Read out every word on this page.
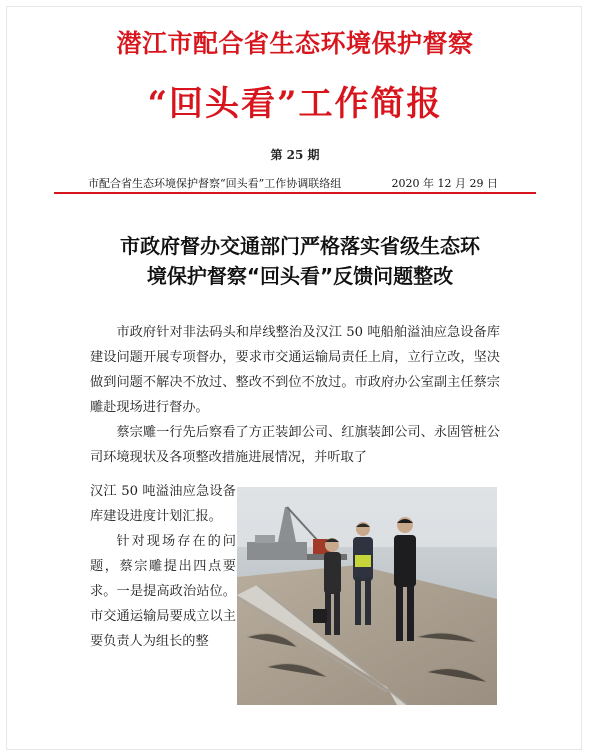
潜江市配合省生态环境保护督察
“回头看”工作简报
第 25 期
市配合省生态环境保护督察“回头看”工作协调联络组	2020 年 12 月 29 日
市政府督办交通部门严格落实省级生态环
境保护督察“回头看”反馈问题整改

市政府针对非法码头和岸线整治及汉江 50 吨船舶溢油应急设备库建设问题开展专项督办，要求市交通运输局责任上肩，立行立改，坚决做到问题不解决不放过、整改不到位不放过。市政府办公室副主任蔡宗雕赴现场进行督办。

蔡宗雕一行先后察看了方正装卸公司、红旗装卸公司、永固管桩公司环境现状及各项整改措施进展情况，并听取了

汉江 50 吨溢油应急设备库建设进度计划汇报。

针对现场存在的问题，蔡宗雕提出四点要求。一是提高政治站位。市交通运输局要成立以主要负责人为组长的整
